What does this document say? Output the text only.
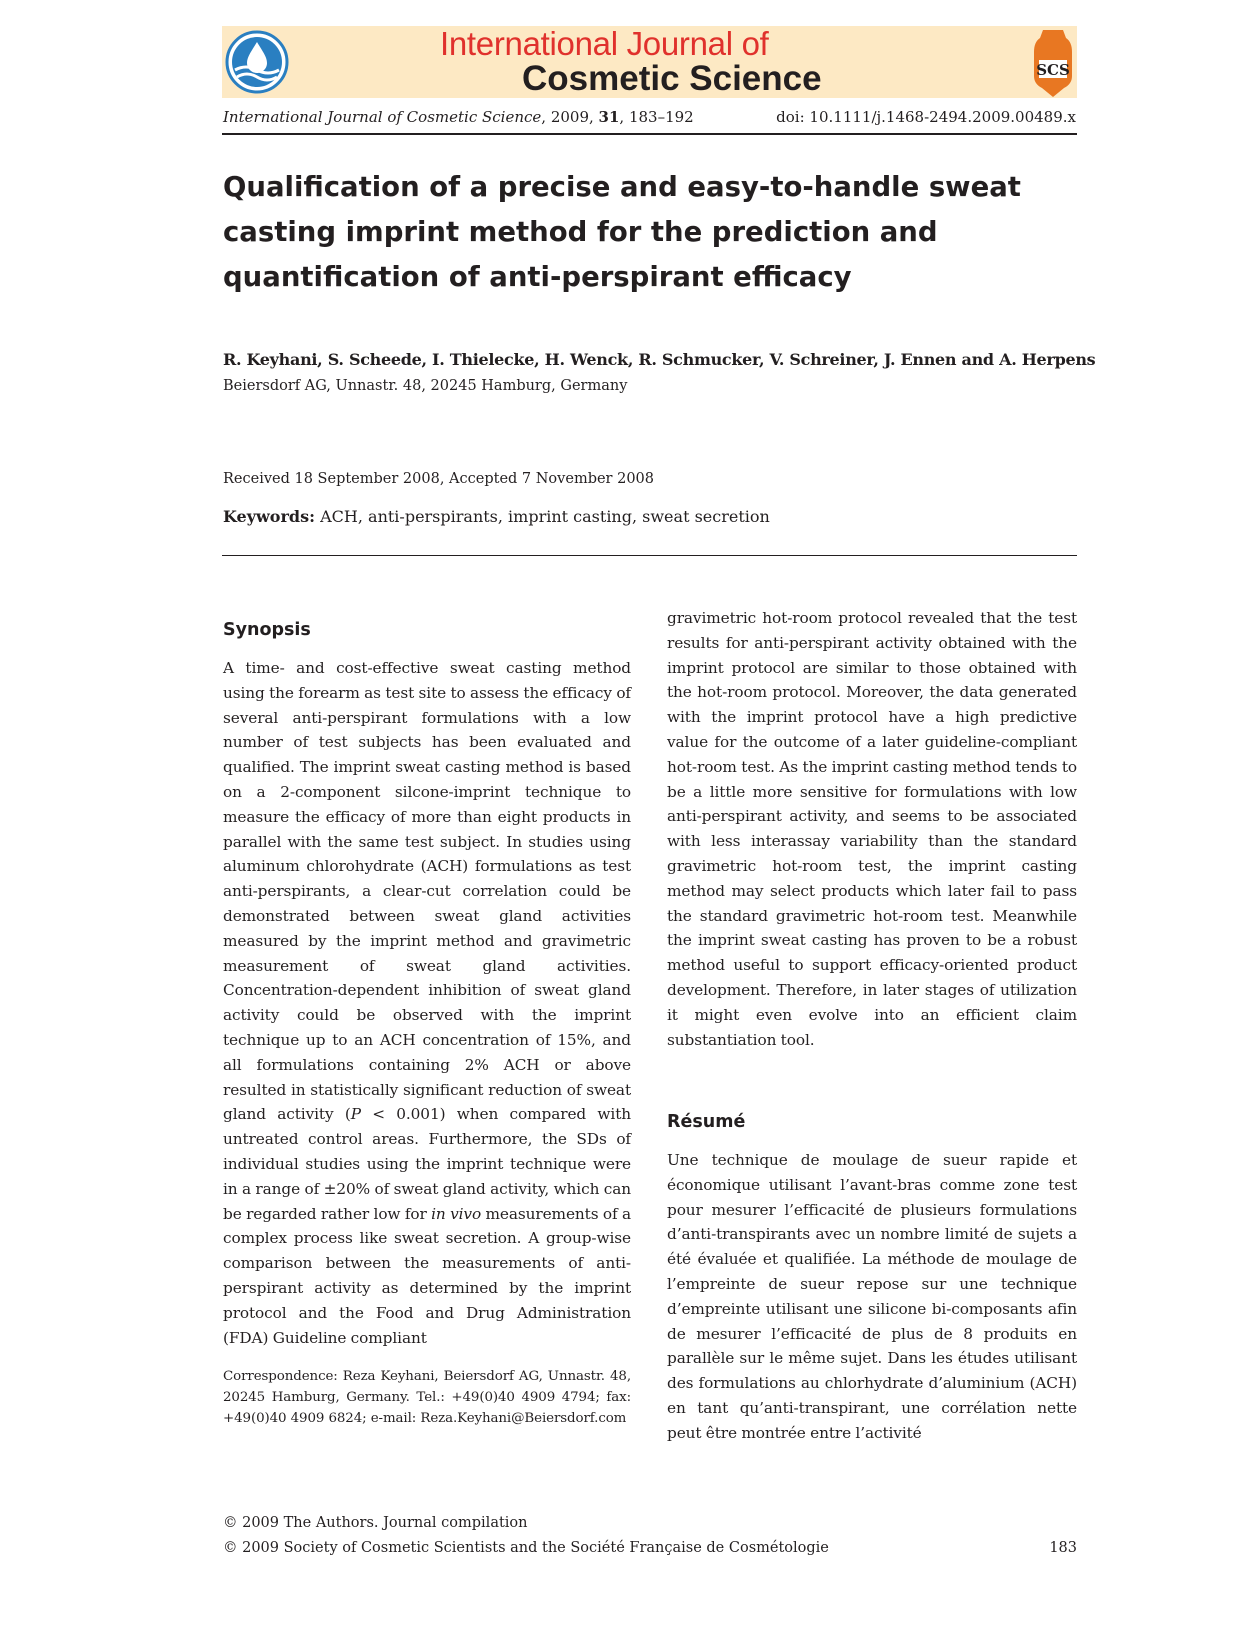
International Journal of
Cosmetic Science	SCS
International Journal of Cosmetic Science, 2009, 31, 183–192	doi: 10.1111/j.1468-2494.2009.00489.x
Qualification of a precise and easy-to-handle sweat casting imprint method for the prediction and quantification of anti-perspirant efficacy
R. Keyhani, S. Scheede, I. Thielecke, H. Wenck, R. Schmucker, V. Schreiner, J. Ennen and A. Herpens
Beiersdorf AG, Unnastr. 48, 20245 Hamburg, Germany
Received 18 September 2008, Accepted 7 November 2008
Keywords: ACH, anti-perspirants, imprint casting, sweat secretion
Synopsis
A time- and cost-effective sweat casting method using the forearm as test site to assess the efficacy of several anti-perspirant formulations with a low number of test subjects has been evaluated and qualified. The imprint sweat casting method is based on a 2-component silcone-imprint technique to measure the efficacy of more than eight products in parallel with the same test subject. In studies using aluminum chlorohydrate (ACH) formulations as test anti-perspirants, a clear-cut correlation could be demonstrated between sweat gland activities measured by the imprint method and gravimetric measurement of sweat gland activities. Concentration-dependent inhibition of sweat gland activity could be observed with the imprint technique up to an ACH concentration of 15%, and all formulations containing 2% ACH or above resulted in statistically significant reduction of sweat gland activity (P < 0.001) when compared with untreated control areas. Furthermore, the SDs of individual studies using the imprint technique were in a range of ±20% of sweat gland activity, which can be regarded rather low for in vivo measurements of a complex process like sweat secretion. A group-wise comparison between the measurements of anti-perspirant activity as determined by the imprint protocol and the Food and Drug Administration (FDA) Guideline compliant
Correspondence: Reza Keyhani, Beiersdorf AG, Unnastr. 48, 20245 Hamburg, Germany. Tel.: +49(0)40 4909 4794; fax: +49(0)40 4909 6824; e-mail: Reza.Keyhani@Beiersdorf.com
gravimetric hot-room protocol revealed that the test results for anti-perspirant activity obtained with the imprint protocol are similar to those obtained with the hot-room protocol. Moreover, the data generated with the imprint protocol have a high predictive value for the outcome of a later guideline-compliant hot-room test. As the imprint casting method tends to be a little more sensitive for formulations with low anti-perspirant activity, and seems to be associated with less interassay variability than the standard gravimetric hot-room test, the imprint casting method may select products which later fail to pass the standard gravimetric hot-room test. Meanwhile the imprint sweat casting has proven to be a robust method useful to support efficacy-oriented product development. Therefore, in later stages of utilization it might even evolve into an efficient claim substantiation tool.
Résumé
Une technique de moulage de sueur rapide et économique utilisant l’avant-bras comme zone test pour mesurer l’efficacité de plusieurs formulations d’anti-transpirants avec un nombre limité de sujets a été évaluée et qualifiée. La méthode de moulage de l’empreinte de sueur repose sur une technique d’empreinte utilisant une silicone bi-composants afin de mesurer l’efficacité de plus de 8 produits en parallèle sur le même sujet. Dans les études utilisant des formulations au chlorhydrate d’aluminium (ACH) en tant qu’anti-transpirant, une corrélation nette peut être montrée entre l’activité
© 2009 The Authors. Journal compilation
© 2009 Society of Cosmetic Scientists and the Société Française de Cosmétologie	183
